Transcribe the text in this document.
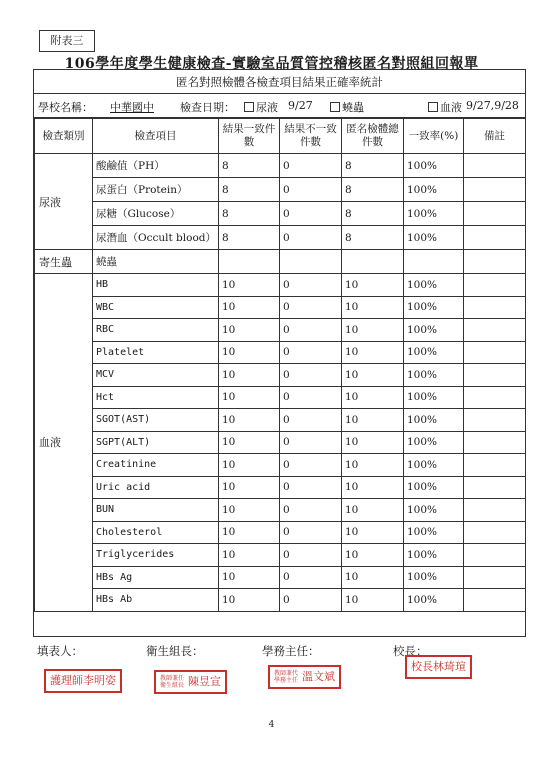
附表三
106學年度學生健康檢查-實驗室品質管控稽核匿名對照組回報單
匿名對照檢體各檢查項目結果正確率統計
學校名稱： 中華國中 檢查日期：	尿液 9/27	蟯蟲	血液 9/27,9/28
檢查類別	檢查項目	結果一致件數	結果不一致件數	匿名檢體總件數	一致率(%)	備註
尿液	酸鹼值（PH）	8	0	8	100%	
	尿蛋白（Protein）	8	0	8	100%	
	尿糖（Glucose）	8	0	8	100%	
	尿潛血（Occult blood）	8	0	8	100%	
寄生蟲	蟯蟲					
血液	HB	10	0	10	100%	
	WBC	10	0	10	100%	
	RBC	10	0	10	100%	
	Platelet	10	0	10	100%	
	MCV	10	0	10	100%	
	Hct	10	0	10	100%	
	SGOT(AST)	10	0	10	100%	
	SGPT(ALT)	10	0	10	100%	
	Creatinine	10	0	10	100%	
	Uric acid	10	0	10	100%	
	BUN	10	0	10	100%	
	Cholesterol	10	0	10	100%	
	Triglycerides	10	0	10	100%	
	HBs Ag	10	0	10	100%	
	HBs Ab	10	0	10	100%	
填表人：	衛生組長：	學務主任：	校長：
護理師李明姿	教師兼任衛生組長 陳昱宣
教師兼代學務主任 溫文斌
校長林琦瑄
4
